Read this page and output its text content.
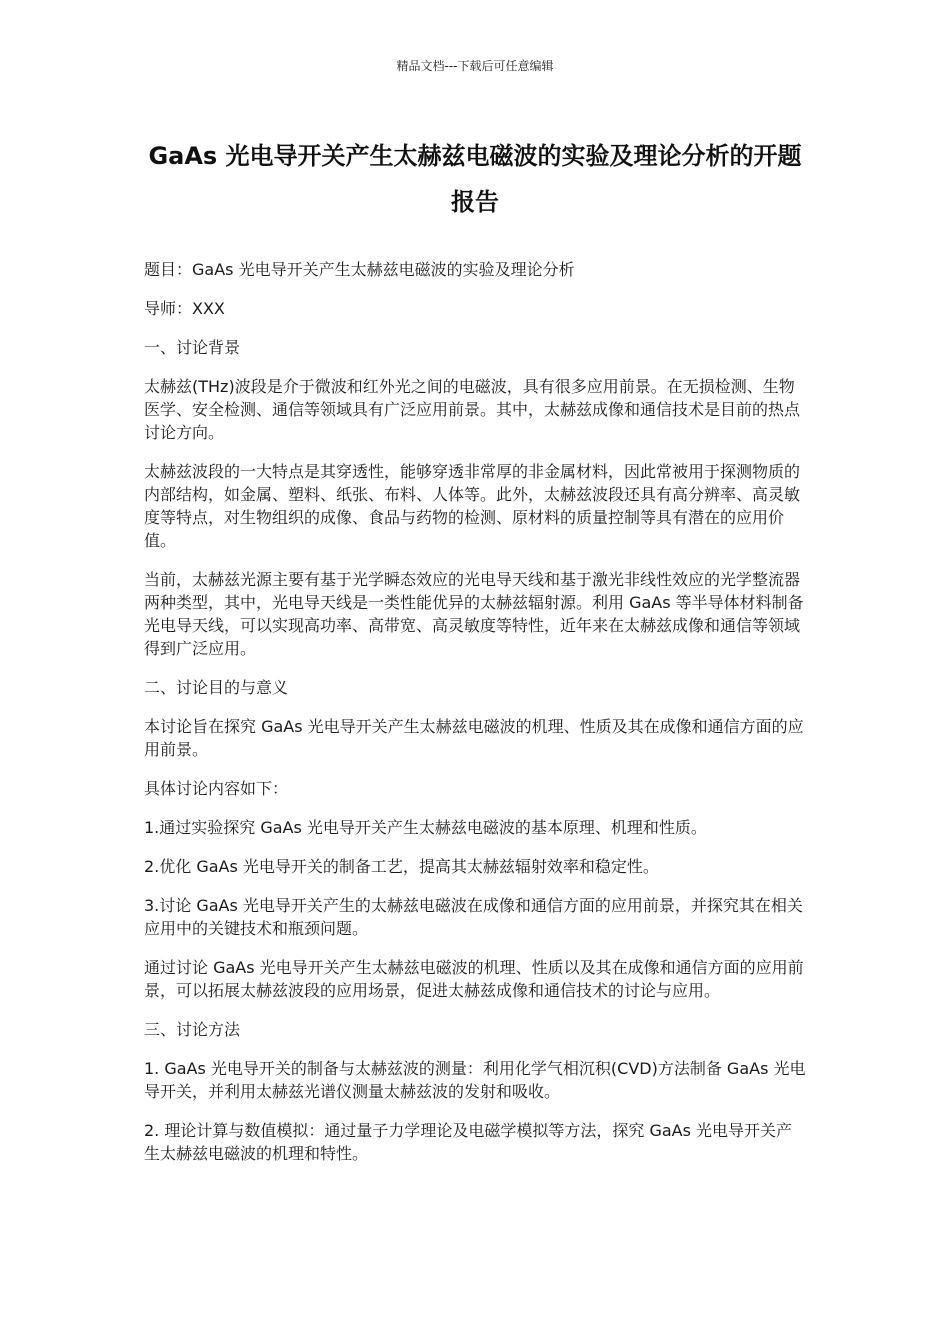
精品文档---下载后可任意编辑
GaAs 光电导开关产生太赫兹电磁波的实验及理论分析的开题报告

题目：GaAs 光电导开关产生太赫兹电磁波的实验及理论分析

导师：XXX

一、讨论背景

太赫兹(THz)波段是介于微波和红外光之间的电磁波，具有很多应用前景。在无损检测、生物医学、安全检测、通信等领域具有广泛应用前景。其中，太赫兹成像和通信技术是目前的热点讨论方向。

太赫兹波段的一大特点是其穿透性，能够穿透非常厚的非金属材料，因此常被用于探测物质的内部结构，如金属、塑料、纸张、布料、人体等。此外，太赫兹波段还具有高分辨率、高灵敏度等特点，对生物组织的成像、食品与药物的检测、原材料的质量控制等具有潜在的应用价值。

当前，太赫兹光源主要有基于光学瞬态效应的光电导天线和基于激光非线性效应的光学整流器两种类型，其中，光电导天线是一类性能优异的太赫兹辐射源。利用 GaAs 等半导体材料制备光电导天线，可以实现高功率、高带宽、高灵敏度等特性，近年来在太赫兹成像和通信等领域得到广泛应用。

二、讨论目的与意义

本讨论旨在探究 GaAs 光电导开关产生太赫兹电磁波的机理、性质及其在成像和通信方面的应用前景。

具体讨论内容如下：

1.通过实验探究 GaAs 光电导开关产生太赫兹电磁波的基本原理、机理和性质。

2.优化 GaAs 光电导开关的制备工艺，提高其太赫兹辐射效率和稳定性。

3.讨论 GaAs 光电导开关产生的太赫兹电磁波在成像和通信方面的应用前景，并探究其在相关应用中的关键技术和瓶颈问题。

通过讨论 GaAs 光电导开关产生太赫兹电磁波的机理、性质以及其在成像和通信方面的应用前景，可以拓展太赫兹波段的应用场景，促进太赫兹成像和通信技术的讨论与应用。

三、讨论方法

1. GaAs 光电导开关的制备与太赫兹波的测量：利用化学气相沉积(CVD)方法制备 GaAs 光电导开关，并利用太赫兹光谱仪测量太赫兹波的发射和吸收。

2. 理论计算与数值模拟：通过量子力学理论及电磁学模拟等方法，探究 GaAs 光电导开关产生太赫兹电磁波的机理和特性。
